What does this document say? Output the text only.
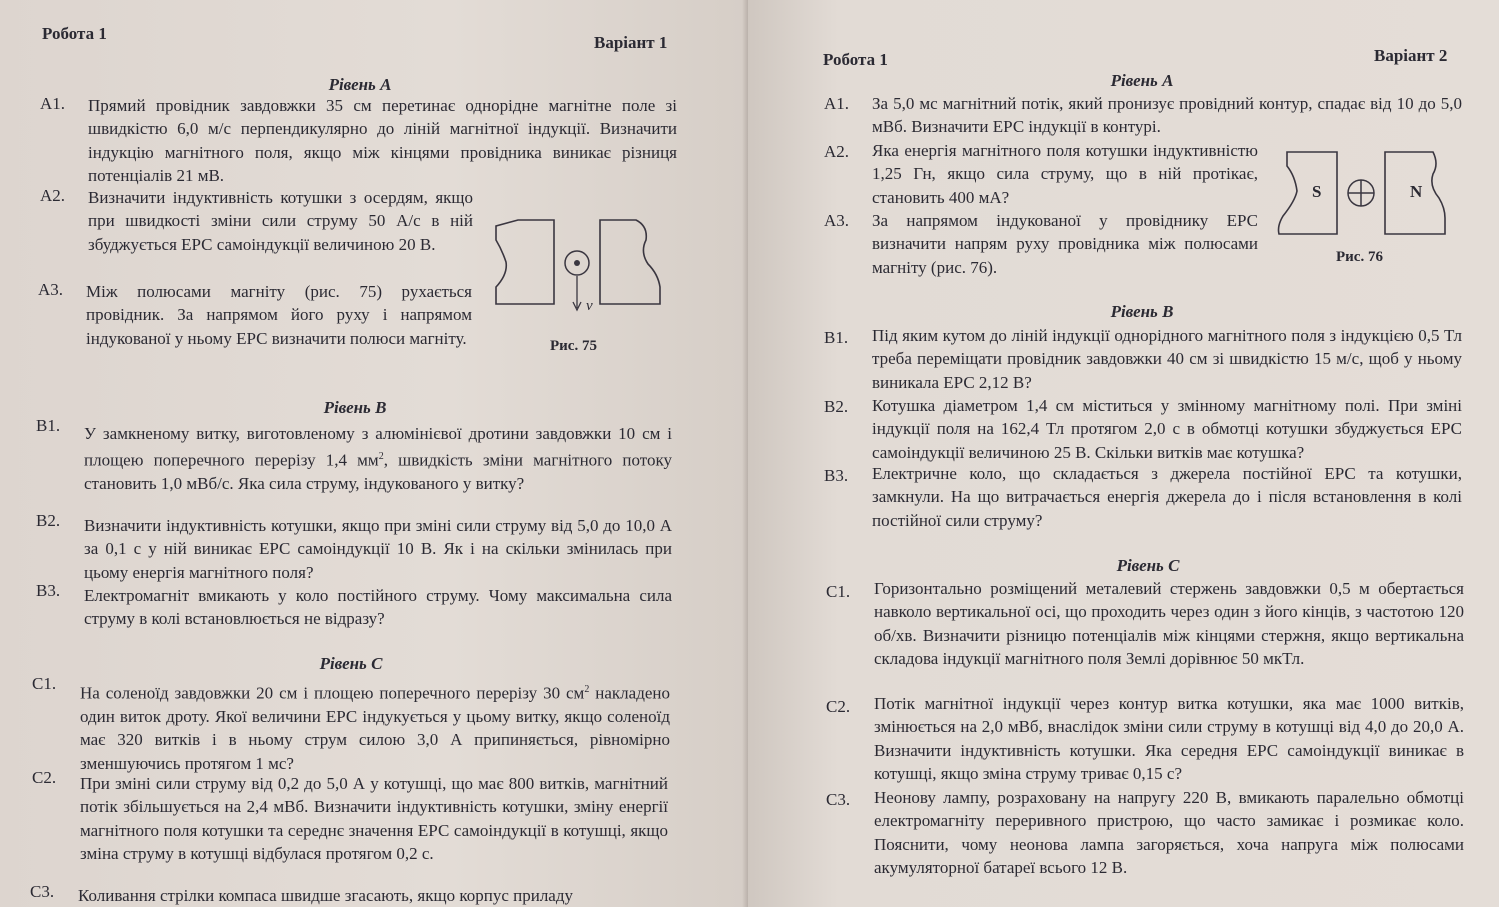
Робота 1	Варіант 1
Рівень А
A1. Прямий провідник завдовжки 35 см перетинає однорідне магнітне поле зі швидкістю 6,0 м/с перпендикулярно до ліній магнітної індукції. Визначити індукцію магнітного поля, якщо між кінцями провідника виникає різниця потенціалів 21 мВ.
A2. Визначити індуктивність котушки з осердям, якщо при швидкості зміни сили струму 50 А/с в ній збуджується ЕРС самоіндукції величиною 20 В.
A3. Між полюсами магніту (рис. 75) рухається провідник. За напрямом його руху і напрямом індукованої у ньому ЕРС визначити полюси магніту.
v
Рис. 75
Рівень В
B1. У замкненому витку, виготовленому з алюмінієвої дротини завдовжки 10 см і площею поперечного перерізу 1,4 $мм^2$, швидкість зміни магнітного потоку становить 1,0 мВб/с. Яка сила струму, індукованого у витку?
B2. Визначити індуктивність котушки, якщо при зміні сили струму від 5,0 до 10,0 А за 0,1 с у ній виникає ЕРС самоіндукції 10 В. Як і на скільки змінилась при цьому енергія магнітного поля?
B3. Електромагніт вмикають у коло постійного струму. Чому максимальна сила струму в колі встановлюється не відразу?
Рівень С
C1.
На соленоїд завдовжки 20 см і площею поперечного перерізу 30 $см^2$ накладено один виток дроту. Якої величини ЕРС індукується у цьому витку, якщо соленоїд має 320 витків і в ньому струм силою 3,0 А припиняється, рівномірно зменшуючись протягом 1 мс?
C2. При зміні сили струму від 0,2 до 5,0 А у котушці, що має 800 витків, магнітний потік збільшується на 2,4 мВб. Визначити індуктивність котушки, зміну енергії магнітного поля котушки та середнє значення ЕРС самоіндукції в котушці, якщо зміна струму в котушці відбулася протягом 0,2 с.
C3. Коливання стрілки компаса швидше згасають, якщо корпус приладу
Робота 1	Варіант 2
Рівень А
A1. За 5,0 мс магнітний потік, який пронизує провідний контур, спадає від 10 до 5,0 мВб. Визначити ЕРС індукції в контурі.
A2. Яка енергія магнітного поля котушки індуктивністю 1,25 Гн, якщо сила струму, що в ній протікає, становить 400 мА?
A3. За напрямом індукованої у провіднику ЕРС визначити напрям руху провідника між полюсами магніту (рис. 76).
S	N
Рис. 76
Рівень В
B1. Під яким кутом до ліній індукції однорідного магнітного поля з індукцією 0,5 Тл треба переміщати провідник завдовжки 40 см зі швидкістю 15 м/с, щоб у ньому виникала ЕРС 2,12 В?
B2. Котушка діаметром 1,4 см міститься у змінному магнітному полі. При зміні індукції поля на 162,4 Тл протягом 2,0 с в обмотці котушки збуджується ЕРС самоіндукції величиною 25 В. Скільки витків має котушка?
B3. Електричне коло, що складається з джерела постійної ЕРС та котушки, замкнули. На що витрачається енергія джерела до і після встановлення в колі постійної сили струму?
Рівень С
C1. Горизонтально розміщений металевий стержень завдовжки 0,5 м обертається навколо вертикальної осі, що проходить через один з його кінців, з частотою 120 об/хв. Визначити різницю потенціалів між кінцями стержня, якщо вертикальна складова індукції магнітного поля Землі дорівнює 50 мкТл.
C2. Потік магнітної індукції через контур витка котушки, яка має 1000 витків, змінюється на 2,0 мВб, внаслідок зміни сили струму в котушці від 4,0 до 20,0 А. Визначити індуктивність котушки. Яка середня ЕРС самоіндукції виникає в котушці, якщо зміна струму триває 0,15 с?
C3. Неонову лампу, розраховану на напругу 220 В, вмикають паралельно обмотці електромагніту переривного пристрою, що часто замикає і розмикає коло. Пояснити, чому неонова лампа загоряється, хоча напруга між полюсами акумуляторної батареї всього 12 В.
